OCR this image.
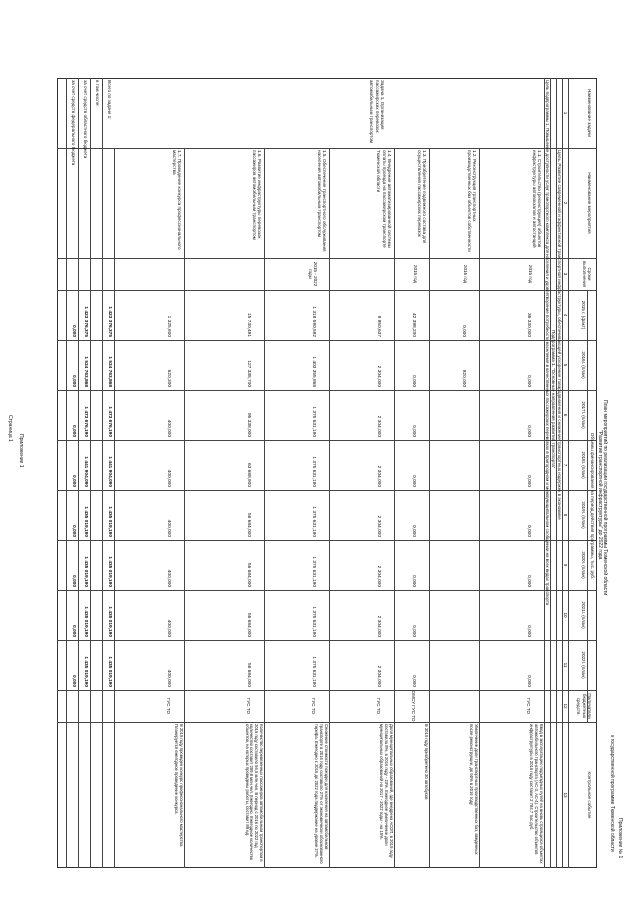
Приложение № 1
к государственной программе Тюменской области
План мероприятий по реализации государственной программы Тюменской области
"Развитие транспортной инфраструктуры" до 2022 года
Наименование задачи
Наименование мероприятия
Сроки выполнения
2015 г. (факт)
2016г. (план)
2017г. (план)
2018г. (план)
2019г. (план)
2020г. (план)
2021г. (план)
2022г. (план)
Получатели бюджетных средств
Контрольное событие
Объемы финансирования на период действия программы, тыс. руб.
1
2
3
4
5
6
7
8
9
10
11
12
13
Цель. Развитие современной и эффективной транспортной инфраструктуры, обеспечивающей ускорение товародвижения и снижение транспортных издержек в экономике
Подпрограмма 1. "Основные направления развития транспорта"
Цель подпрограммы 1. Повышение доступности услуг транспортного комплекса для населения и удовлетворение потребности населения в качественных пассажирских перевозках в пригородном и межмуниципальном сообщении на всех видах транспорта
Задача 1. Организация пассажирских перевозок автомобильным транспортом
1.1. Строительство (реконструкция) объектов инфраструктуры автовокзалов и автостанций
2015 год
36 330,000
0,000
0,000
0,000
0,000
0,000
0,000
0,000
ГУС ТО
Ввод в эксплуатацию подъездных путей на вновь строящихся объектах автомобильного транспорта (АС-3, АС-4). Строительство объектов инфраструктуры в 2015 году составит 2 784,7 тыс.руб.
1.2. Реконструкция транспортных производственных баз объектов собственности
2016 год
0,000
920,000
Увеличение доли транспортных производственных баз, введенных после реконструкции, до 50% в 2016 году
1.3. Приобретение подвижного состава для осуществления пассажирских перевозок
2015 год
42 398,200
0,000
0,000
0,000
0,000
0,000
0,000
0,000
ОМСУ ГУС ТО
В 2015 году приобретено 30 автобусов
1.4. Внедрение автоматизированной системы оплаты проезда на пассажирском транспорте Тюменской области
9 950,637
2 304,000
2 304,000
2 304,000
2 304,000
2 304,000
2 304,000
2 304,000
ГУС ТО
Доля муниципальных образований, где внедрена АСОП, в 2015 году составила 8%, в 2016 году - 23%. Ежегодное увеличение доли муниципальных образований на 2017 - 2022 годы - на 15%.
1.5. Обеспечение транспортного обслуживания населения автомобильным транспортом
2015 - 2022 годы
1 318 590,592
1 403 355,868
1 375 631,190
1 375 631,190
1 375 631,190
1 375 631,190
1 375 631,190
1 375 631,190
ГУС ТО
Снижение стоимости поездки для населения на автомобильном транспорте в 2016 году составило 27% от экономически обоснованного тарифа. Ежегодно с 2016 до 2022 года поддержание на уровне 27%.
1.6. Развитие инфраструктуры перевозок пассажиров автомобильным транспортом
15 730,491
127 338,700
95 338,000
63 688,900
56 684,000
56 684,000
56 684,000
56 684,000
ГУС ТО
Количество перевезенных пассажиров автомобильным транспортом в 2015 году составило 56,5 млн.чел. В период с 2016 по 2022 год количество составит 209,8 млн.чел. Ежегодно. Ежегодное количество объектов, на которых проведены работы, составит 89 ед.
1.7. Проведение конкурса профессионального мастерства
1 325,800
620,300
400,000
400,000
400,000
400,000
400,000
400,000
ГУС ТО
В 2015 году проведен конкурс профессионального мастерства. Планируется ежегодное проведение конкурса.
Всего по задаче 1:
1 423 376,375
1 534 763,868
1 473 676,190
1 441 904,090
1 435 019,190
1 435 019,190
1 435 019,190
1 435 019,190
в том числе:
за счет средств областного бюджета
1 423 376,375
1 534 763,868
1 473 676,190
1 441 904,090
1 435 019,190
1 435 019,190
1 435 019,190
1 435 019,190
за счет средств федерального бюджета
0,000
0,000
0,000
0,000
0,000
0,000
0,000
0,000
Страница 1
Приложение 1
